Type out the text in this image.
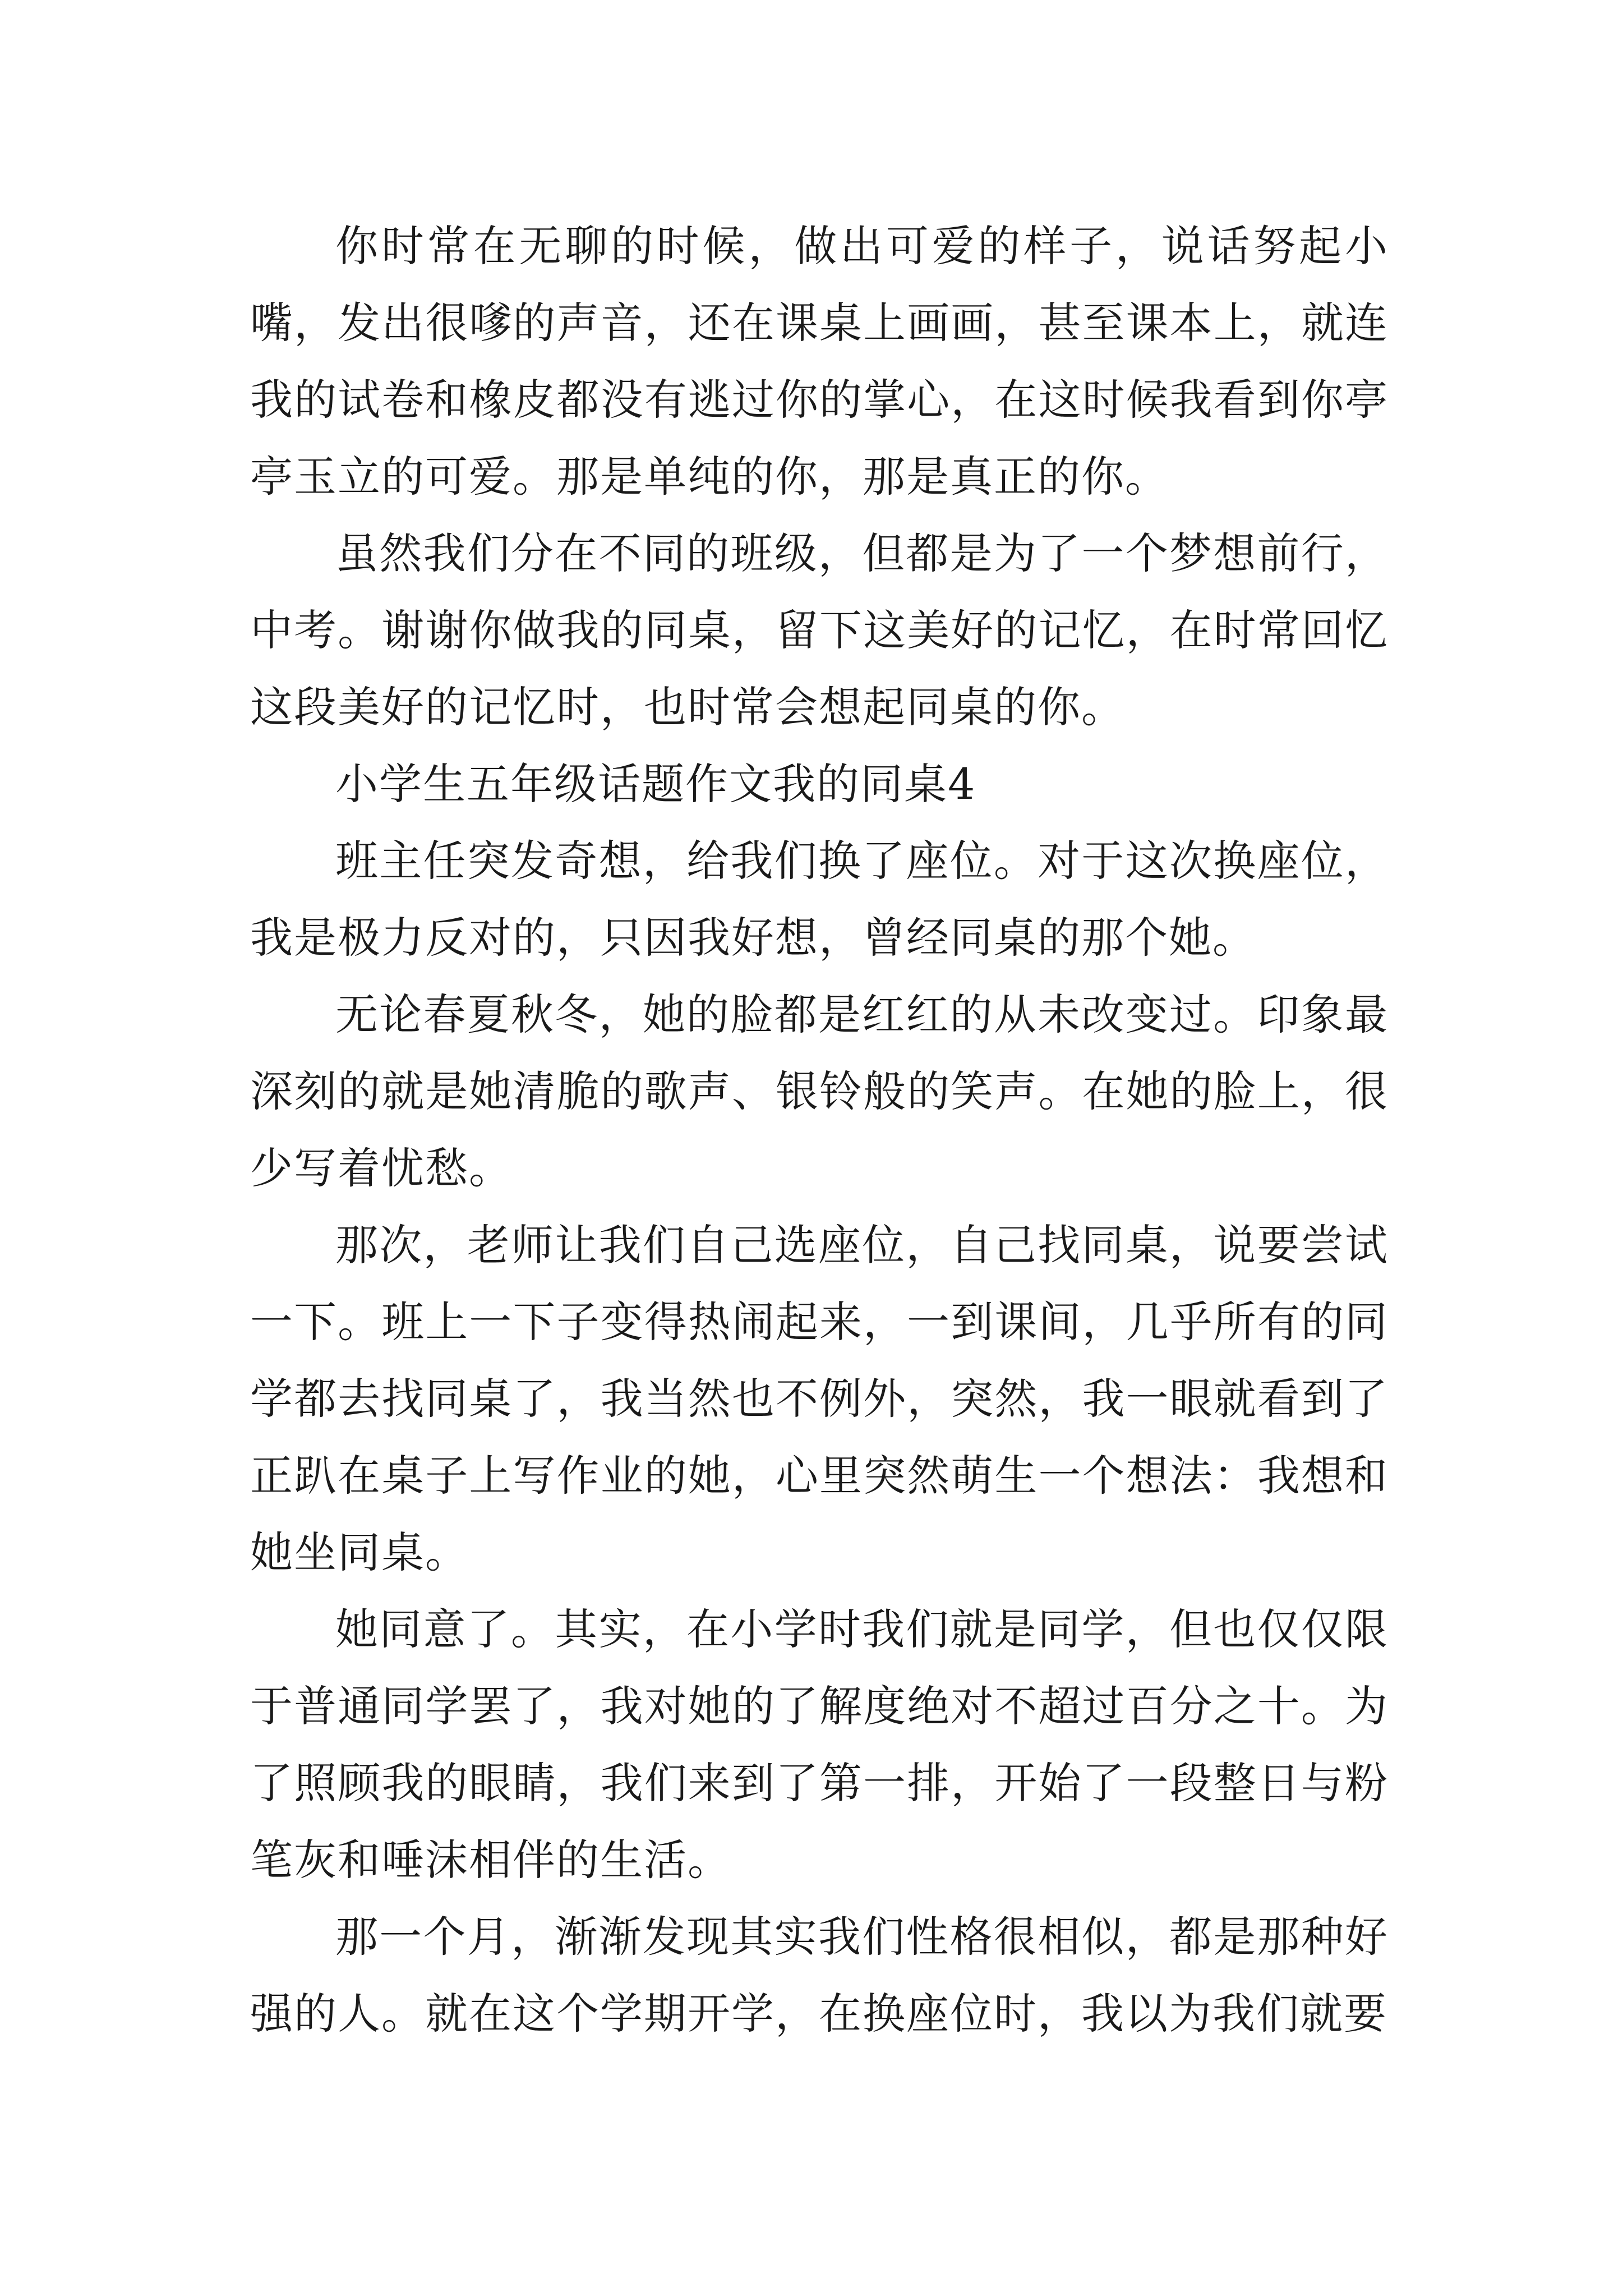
你时常在无聊的时候，做出可爱的样子，说话努起小嘴，发出很嗲的声音，还在课桌上画画，甚至课本上，就连我的试卷和橡皮都没有逃过你的掌心，在这时候我看到你亭亭玉立的可爱。那是单纯的你，那是真正的你。

虽然我们分在不同的班级，但都是为了一个梦想前行，中考。谢谢你做我的同桌，留下这美好的记忆，在时常回忆这段美好的记忆时，也时常会想起同桌的你。

小学生五年级话题作文我的同桌4

班主任突发奇想，给我们换了座位。对于这次换座位，我是极力反对的，只因我好想，曾经同桌的那个她。

无论春夏秋冬，她的脸都是红红的从未改变过。印象最深刻的就是她清脆的歌声、银铃般的笑声。在她的脸上，很少写着忧愁。

那次，老师让我们自己选座位，自己找同桌，说要尝试一下。班上一下子变得热闹起来，一到课间，几乎所有的同学都去找同桌了，我当然也不例外，突然，我一眼就看到了正趴在桌子上写作业的她，心里突然萌生一个想法：我想和她坐同桌。

她同意了。其实，在小学时我们就是同学，但也仅仅限于普通同学罢了，我对她的了解度绝对不超过百分之十。为了照顾我的眼睛，我们来到了第一排，开始了一段整日与粉笔灰和唾沫相伴的生活。

那一个月，渐渐发现其实我们性格很相似，都是那种好强的人。就在这个学期开学，在换座位时，我以为我们就要
